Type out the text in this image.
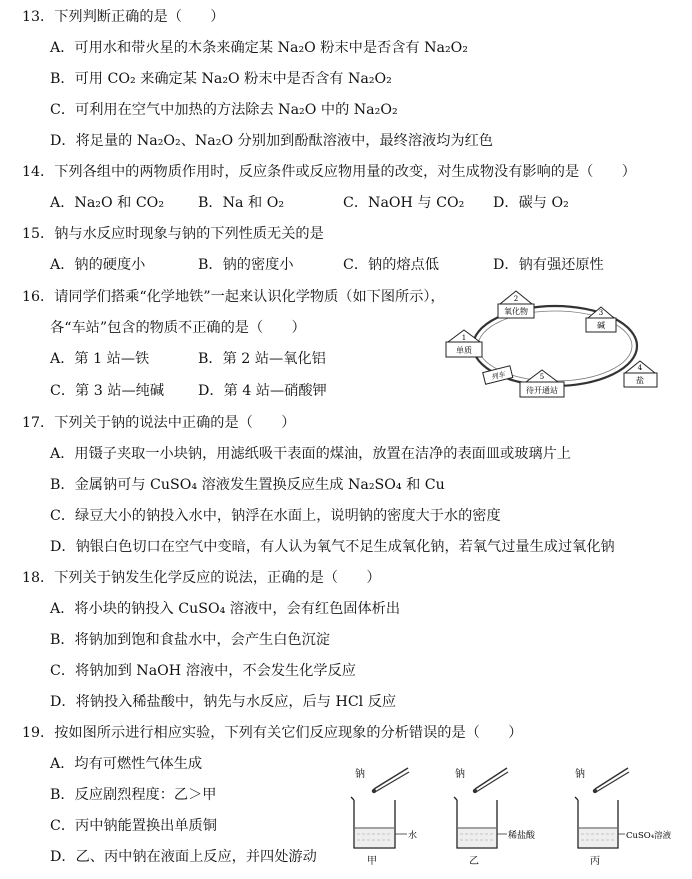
13．下列判断正确的是（　　）
A．可用水和带火星的木条来确定某 Na₂O 粉末中是否含有 Na₂O₂
B．可用 CO₂ 来确定某 Na₂O 粉末中是否含有 Na₂O₂
C．可利用在空气中加热的方法除去 Na₂O 中的 Na₂O₂
D．将足量的 Na₂O₂、Na₂O 分别加到酚酞溶液中，最终溶液均为红色
14．下列各组中的两物质作用时，反应条件或反应物用量的改变，对生成物没有影响的是（　　）
A．Na₂O 和 CO₂ B．Na 和 O₂	C．NaOH 与 CO₂ D．碳与 O₂
15．钠与水反应时现象与钠的下列性质无关的是
A．钠的硬度小	B．钠的密度小	C．钠的熔点低	D．钠有强还原性
16．请同学们搭乘“化学地铁”一起来认识化学物质（如下图所示），
各“车站”包含的物质不正确的是（　　）
A．第 1 站—铁	B．第 2 站—氧化铝
C．第 3 站—纯碱 D．第 4 站—硝酸钾
2
氧化物	3
碱
1
单质
4
盐
5
待开通站
列车
17．下列关于钠的说法中正确的是（　　）
A．用镊子夹取一小块钠，用滤纸吸干表面的煤油，放置在洁净的表面皿或玻璃片上
B．金属钠可与 CuSO₄ 溶液发生置换反应生成 Na₂SO₄ 和 Cu
C．绿豆大小的钠投入水中，钠浮在水面上，说明钠的密度大于水的密度
D．钠银白色切口在空气中变暗，有人认为氧气不足生成氧化钠，若氧气过量生成过氧化钠
18．下列关于钠发生化学反应的说法，正确的是（　　）
A．将小块的钠投入 CuSO₄ 溶液中，会有红色固体析出
B．将钠加到饱和食盐水中，会产生白色沉淀
C．将钠加到 NaOH 溶液中，不会发生化学反应
D．将钠投入稀盐酸中，钠先与水反应，后与 HCl 反应
19．按如图所示进行相应实验，下列有关它们反应现象的分析错误的是（　　）
A．均有可燃性气体生成
B．反应剧烈程度：乙＞甲
C．丙中钠能置换出单质铜
D．乙、丙中钠在液面上反应，并四处游动
钠
水
甲
钠
稀盐酸
乙
钠
CuSO₄溶液
丙
